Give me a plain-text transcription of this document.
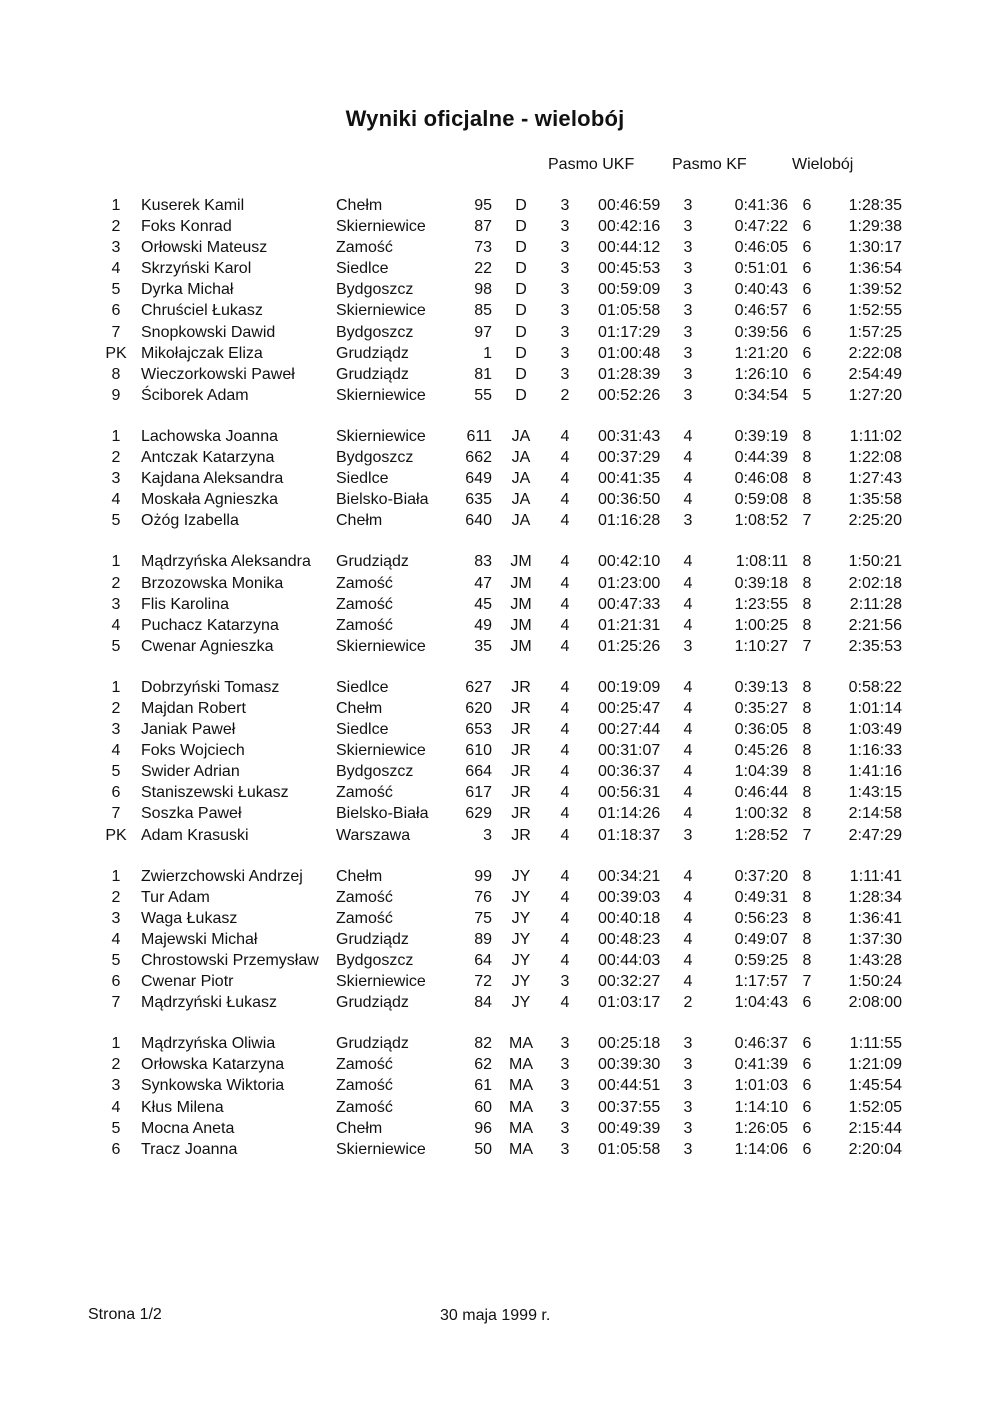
Wyniki oficjalne - wielobój
Pasmo UKF Pasmo KF	Wielobój
1	Kuserek Kamil	Chełm	95	D	3	00:46:59	3	0:41:36 6	1:28:35
2	Foks Konrad	Skierniewice	87	D	3	00:42:16	3	0:47:22 6	1:29:38
3	Orłowski Mateusz	Zamość	73	D	3	00:44:12	3	0:46:05 6	1:30:17
4	Skrzyński Karol	Siedlce	22	D	3	00:45:53	3	0:51:01 6	1:36:54
5	Dyrka Michał	Bydgoszcz	98	D	3	00:59:09	3	0:40:43 6	1:39:52
6	Chruściel Łukasz	Skierniewice	85	D	3	01:05:58	3	0:46:57 6	1:52:55
7	Snopkowski Dawid	Bydgoszcz	97	D	3	01:17:29	3	0:39:56 6	1:57:25
PK Mikołajczak Eliza	Grudziądz	1	D	3	01:00:48	3	1:21:20 6	2:22:08
8	Wieczorkowski Paweł	Grudziądz	81	D	3	01:28:39	3	1:26:10 6	2:54:49
9	Ściborek Adam	Skierniewice	55	D	2	00:52:26	3	0:34:54 5	1:27:20
1	Lachowska Joanna	Skierniewice	611	JA	4	00:31:43	4	0:39:19 8	1:11:02
2	Antczak Katarzyna	Bydgoszcz	662	JA	4	00:37:29	4	0:44:39 8	1:22:08
3	Kajdana Aleksandra	Siedlce	649	JA	4	00:41:35	4	0:46:08 8	1:27:43
4	Moskała Agnieszka	Bielsko-Biała	635	JA	4	00:36:50	4	0:59:08 8	1:35:58
5	Ożóg Izabella	Chełm	640	JA	4	01:16:28	3	1:08:52 7	2:25:20
1	Mądrzyńska Aleksandra Grudziądz	83	JM	4	00:42:10	4	1:08:11 8	1:50:21
2	Brzozowska Monika	Zamość	47	JM	4	01:23:00	4	0:39:18 8	2:02:18
3	Flis Karolina	Zamość	45	JM	4	00:47:33	4	1:23:55 8	2:11:28
4	Puchacz Katarzyna	Zamość	49	JM	4	01:21:31	4	1:00:25 8	2:21:56
5	Cwenar Agnieszka	Skierniewice	35	JM	4	01:25:26	3	1:10:27 7	2:35:53
1	Dobrzyński Tomasz	Siedlce	627	JR	4	00:19:09	4	0:39:13 8	0:58:22
2	Majdan Robert	Chełm	620	JR	4	00:25:47	4	0:35:27 8	1:01:14
3	Janiak Paweł	Siedlce	653	JR	4	00:27:44	4	0:36:05 8	1:03:49
4	Foks Wojciech	Skierniewice	610	JR	4	00:31:07	4	0:45:26 8	1:16:33
5	Swider Adrian	Bydgoszcz	664	JR	4	00:36:37	4	1:04:39 8	1:41:16
6	Staniszewski Łukasz	Zamość	617	JR	4	00:56:31	4	0:46:44 8	1:43:15
7	Soszka Paweł	Bielsko-Biała	629	JR	4	01:14:26	4	1:00:32 8	2:14:58
PK Adam Krasuski	Warszawa	3	JR	4	01:18:37	3	1:28:52 7	2:47:29
1	Zwierzchowski Andrzej Chełm	99	JY	4	00:34:21	4	0:37:20 8	1:11:41
2	Tur Adam	Zamość	76	JY	4	00:39:03	4	0:49:31 8	1:28:34
3	Waga Łukasz	Zamość	75	JY	4	00:40:18	4	0:56:23 8	1:36:41
4	Majewski Michał	Grudziądz	89	JY	4	00:48:23	4	0:49:07 8	1:37:30
5	Chrostowski Przemysław Bydgoszcz	64	JY	4	00:44:03	4	0:59:25 8	1:43:28
6	Cwenar Piotr	Skierniewice	72	JY	3	00:32:27	4	1:17:57 7	1:50:24
7	Mądrzyński Łukasz	Grudziądz	84	JY	4	01:03:17	2	1:04:43 6	2:08:00
1	Mądrzyńska Oliwia	Grudziądz	82	MA	3	00:25:18	3	0:46:37 6	1:11:55
2	Orłowska Katarzyna	Zamość	62	MA	3	00:39:30	3	0:41:39 6	1:21:09
3	Synkowska Wiktoria	Zamość	61	MA	3	00:44:51	3	1:01:03 6	1:45:54
4	Kłus Milena	Zamość	60	MA	3	00:37:55	3	1:14:10 6	1:52:05
5	Mocna Aneta	Chełm	96	MA	3	00:49:39	3	1:26:05 6	2:15:44
6	Tracz Joanna	Skierniewice	50	MA	3	01:05:58	3	1:14:06 6	2:20:04
Strona 1/2	30 maja 1999 r.
